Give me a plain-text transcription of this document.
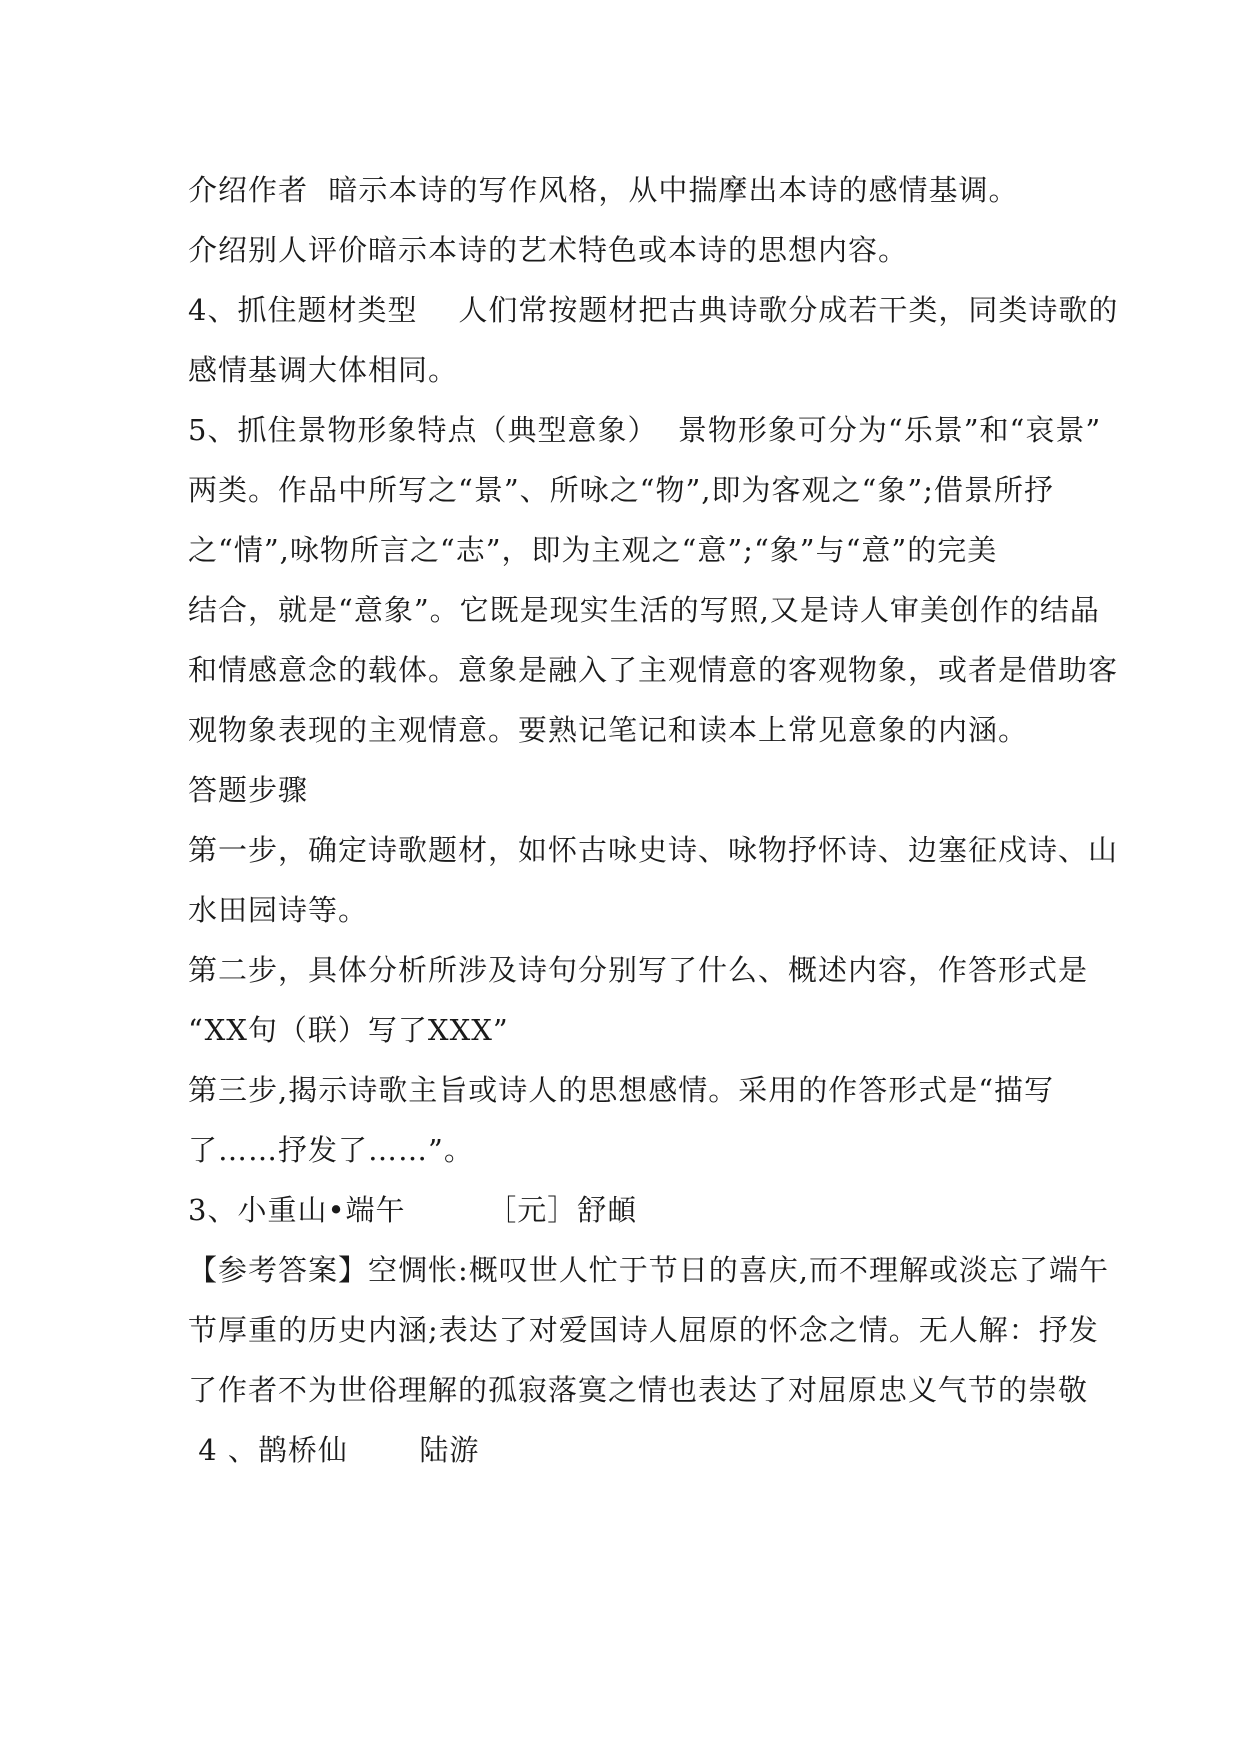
介绍作者  暗示本诗的写作风格，从中揣摩出本诗的感情基调。
介绍别人评价暗示本诗的艺术特色或本诗的思想内容。
4、抓住题材类型    人们常按题材把古典诗歌分成若干类，同类诗歌的
感情基调大体相同。
5、抓住景物形象特点（典型意象）  景物形象可分为“乐景”和“哀景”
两类。作品中所写之“景”、所咏之“物”,即为客观之“象”;借景所抒
之“情”,咏物所言之“志”，即为主观之“意”;“象”与“意”的完美
结合，就是“意象”。它既是现实生活的写照,又是诗人审美创作的结晶
和情感意念的载体。意象是融入了主观情意的客观物象，或者是借助客
观物象表现的主观情意。要熟记笔记和读本上常见意象的内涵。
答题步骤
第一步，确定诗歌题材，如怀古咏史诗、咏物抒怀诗、边塞征戍诗、山
水田园诗等。
第二步，具体分析所涉及诗句分别写了什么、概述内容，作答形式是
“XX句（联）写了XXX”
第三步,揭示诗歌主旨或诗人的思想感情。采用的作答形式是“描写
了……抒发了……”。
3、小重山•端午        ［元］舒頔
【参考答案】空惆怅:概叹世人忙于节日的喜庆,而不理解或淡忘了端午
节厚重的历史内涵;表达了对爱国诗人屈原的怀念之情。无人解：抒发
了作者不为世俗理解的孤寂落寞之情也表达了对屈原忠义气节的崇敬
4 、鹊桥仙       陆游
